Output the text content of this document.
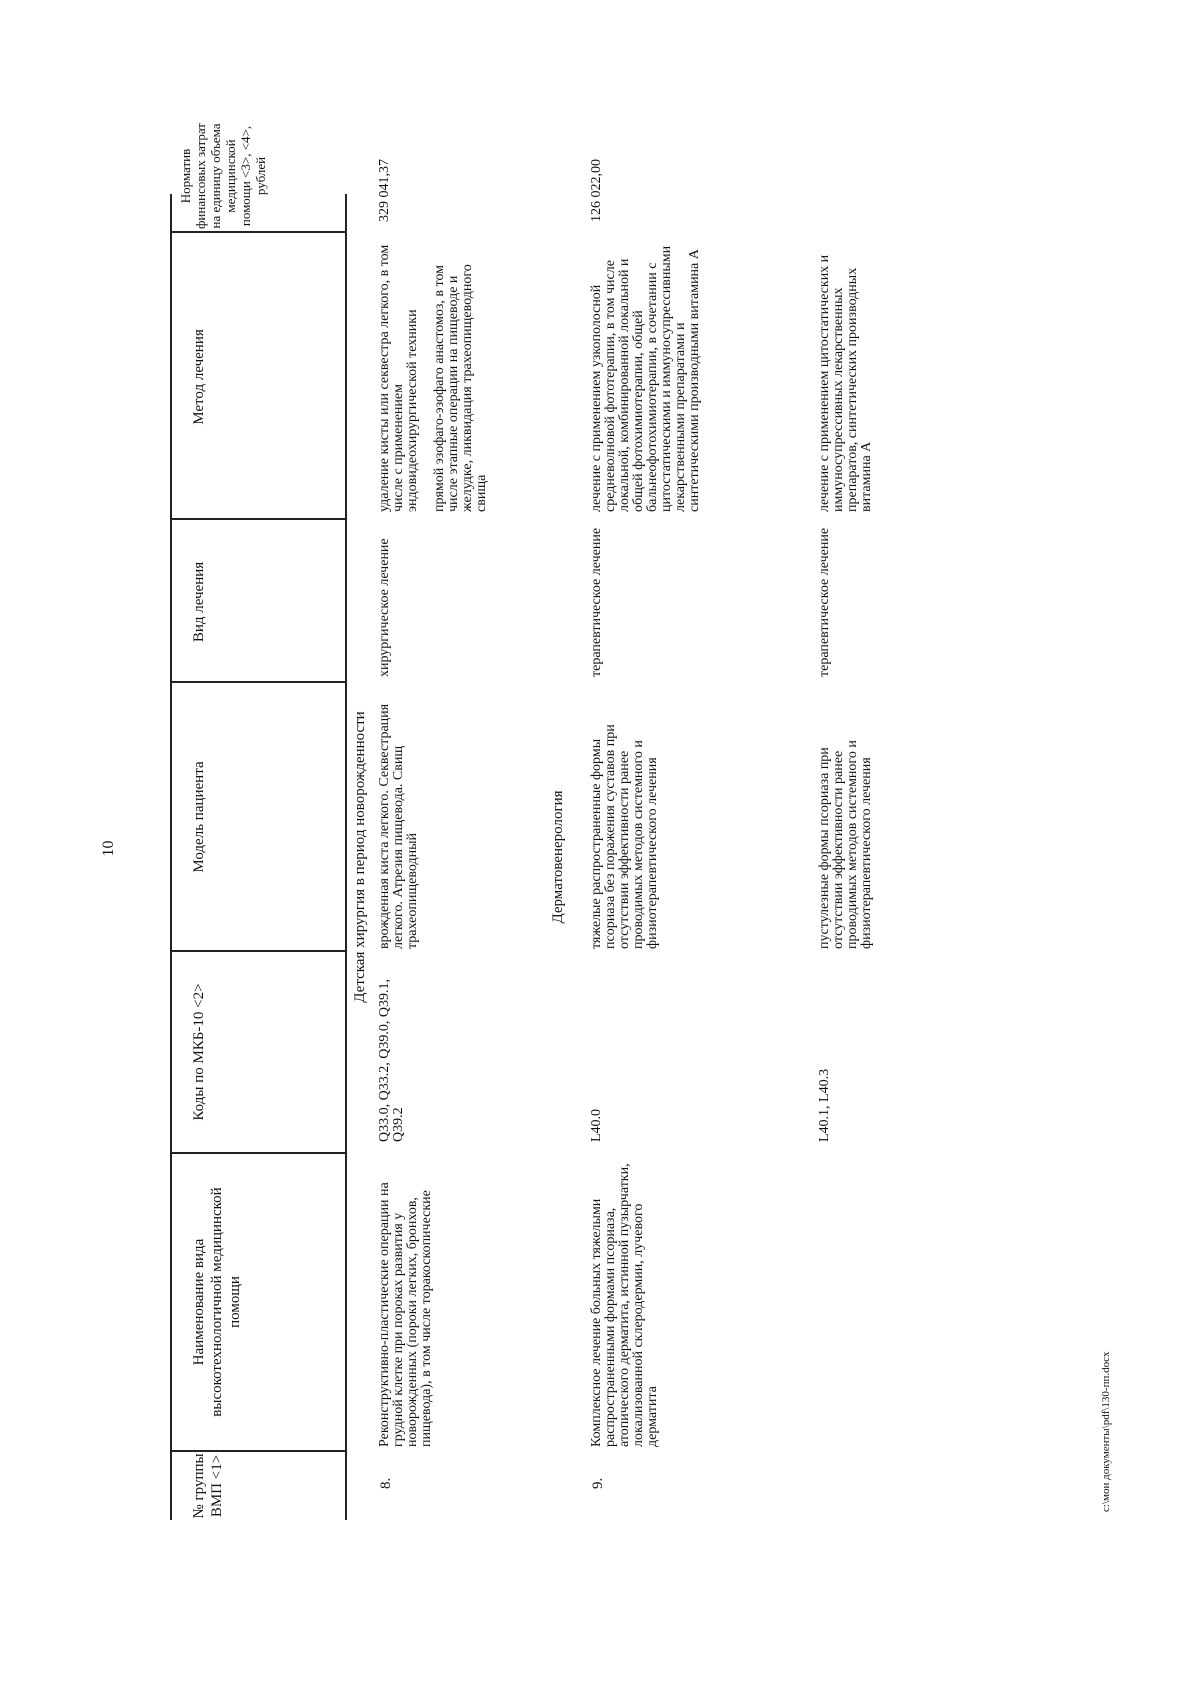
10
№ группы ВМП <1>
Наименование вида высокотехнологичной медицинской помощи
Коды по МКБ-10 <2>
Модель пациента
Вид лечения
Метод лечения
Норматив финансовых затрат на единицу объема медицинской помощи <3>, <4>, рублей
Детская хирургия в период новорожденности
8.
Реконструктивно-пластические операции на грудной клетке при пороках развития у новорожденных (пороки легких, бронхов, пищевода), в том числе торакоскопические
Q33.0, Q33.2, Q39.0, Q39.1, Q39.2
врожденная киста легкого. Секвестрация легкого. Атрезия пищевода. Свищ трахеопищеводный
хирургическое лечение
удаление кисты или секвестра легкого, в том числе с применением эндовидеохирургической техники прямой эзофаго-эзофаго анастомоз, в том числе этапные операции на пищеводе и желудке, ликвидация трахеопищеводного свища
329 041,37
Дерматовенерология
9.
Комплексное лечение больных тяжелыми распространенными формами псориаза, атопического дерматита, истинной пузырчатки, локализованной склеродермии, лучевого дерматита
L40.0
тяжелые распространенные формы псориаза без поражения суставов при отсутствии эффективности ранее проводимых методов системного и физиотерапевтического лечения
терапевтическое лечение
лечение с применением узкополосной средневолновой фототерапии, в том числе локальной, комбинированной локальной и общей фотохимиотерапии, общей бальнеофотохимиотерапии, в сочетании с цитостатическими и иммуносупрессивными лекарственными препаратами и синтетическими производными витамина А
126 022,00
L40.1, L40.3
пустулезные формы псориаза при отсутствии эффективности ранее проводимых методов системного и физиотерапевтического лечения
терапевтическое лечение
лечение с применением цитостатических и иммуносупрессивных лекарственных препаратов, синтетических производных витамина А
c:\мои документы\pdf\130-пп.docx
